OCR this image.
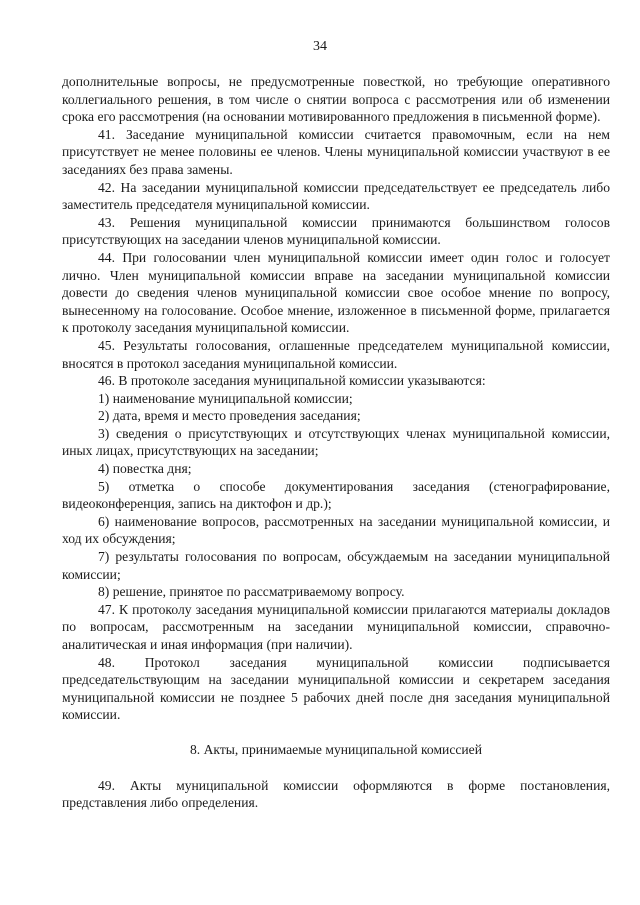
34

дополнительные вопросы, не предусмотренные повесткой, но требующие оперативного коллегиального решения, в том числе о снятии вопроса с рассмотрения или об изменении срока его рассмотрения (на основании мотивированного предложения в письменной форме).

41. Заседание муниципальной комиссии считается правомочным, если на нем присутствует не менее половины ее членов. Члены муниципальной комиссии участвуют в ее заседаниях без права замены.

42. На заседании муниципальной комиссии председательствует ее председатель либо заместитель председателя муниципальной комиссии.

43. Решения муниципальной комиссии принимаются большинством голосов присутствующих на заседании членов муниципальной комиссии.

44. При голосовании член муниципальной комиссии имеет один голос и голосует лично. Член муниципальной комиссии вправе на заседании муниципальной комиссии довести до сведения членов муниципальной комиссии свое особое мнение по вопросу, вынесенному на голосование. Особое мнение, изложенное в письменной форме, прилагается к протоколу заседания муниципальной комиссии.

45. Результаты голосования, оглашенные председателем муниципальной комиссии, вносятся в протокол заседания муниципальной комиссии.

46. В протоколе заседания муниципальной комиссии указываются:

1) наименование муниципальной комиссии;

2) дата, время и место проведения заседания;

3) сведения о присутствующих и отсутствующих членах муниципальной комиссии, иных лицах, присутствующих на заседании;

4) повестка дня;

5) отметка о способе документирования заседания (стенографирование, видеоконференция, запись на диктофон и др.);

6) наименование вопросов, рассмотренных на заседании муниципальной комиссии, и ход их обсуждения;

7) результаты голосования по вопросам, обсуждаемым на заседании муниципальной комиссии;

8) решение, принятое по рассматриваемому вопросу.

47. К протоколу заседания муниципальной комиссии прилагаются материалы докладов по вопросам, рассмотренным на заседании муниципальной комиссии, справочно-аналитическая и иная информация (при наличии).

48. Протокол заседания муниципальной комиссии подписывается председательствующим на заседании муниципальной комиссии и секретарем заседания муниципальной комиссии не позднее 5 рабочих дней после дня заседания муниципальной комиссии.

8. Акты, принимаемые муниципальной комиссией

49. Акты муниципальной комиссии оформляются в форме постановления, представления либо определения.
